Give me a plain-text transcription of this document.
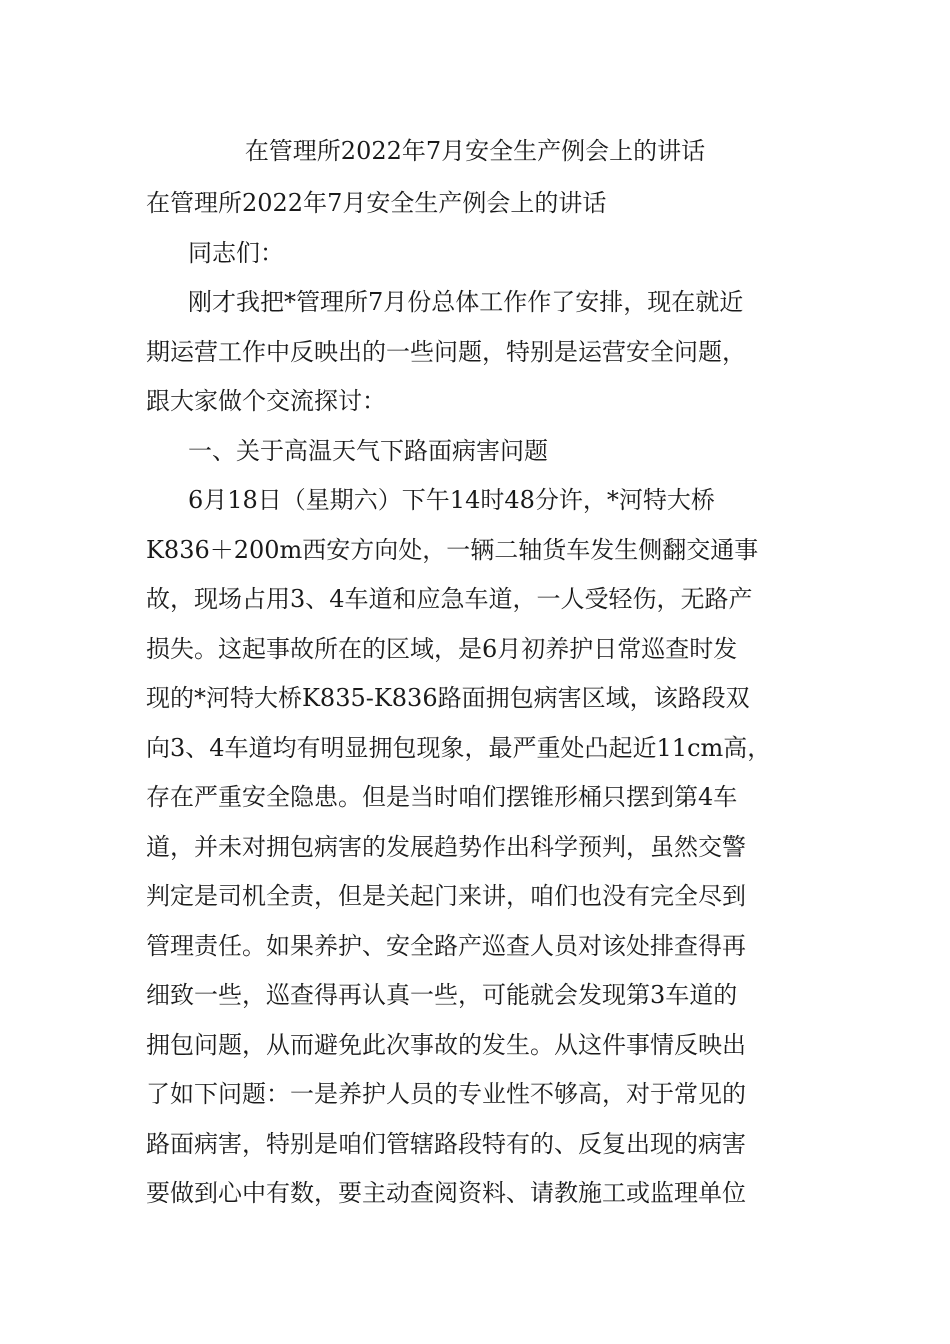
在管理所2022年7月安全生产例会上的讲话
在管理所2022年7月安全生产例会上的讲话
同志们：
刚才我把*管理所7月份总体工作作了安排，现在就近
期运营工作中反映出的一些问题，特别是运营安全问题，
跟大家做个交流探讨：
一、关于高温天气下路面病害问题
6月18日（星期六）下午14时48分许，*河特大桥
K836＋200m西安方向处，一辆二轴货车发生侧翻交通事
故，现场占用3、4车道和应急车道，一人受轻伤，无路产
损失。这起事故所在的区域，是6月初养护日常巡查时发
现的*河特大桥K835-K836路面拥包病害区域，该路段双
向3、4车道均有明显拥包现象，最严重处凸起近11cm高，
存在严重安全隐患。但是当时咱们摆锥形桶只摆到第4车
道，并未对拥包病害的发展趋势作出科学预判，虽然交警
判定是司机全责，但是关起门来讲，咱们也没有完全尽到
管理责任。如果养护、安全路产巡查人员对该处排查得再
细致一些，巡查得再认真一些，可能就会发现第3车道的
拥包问题，从而避免此次事故的发生。从这件事情反映出
了如下问题：一是养护人员的专业性不够高，对于常见的
路面病害，特别是咱们管辖路段特有的、反复出现的病害
要做到心中有数，要主动查阅资料、请教施工或监理单位
